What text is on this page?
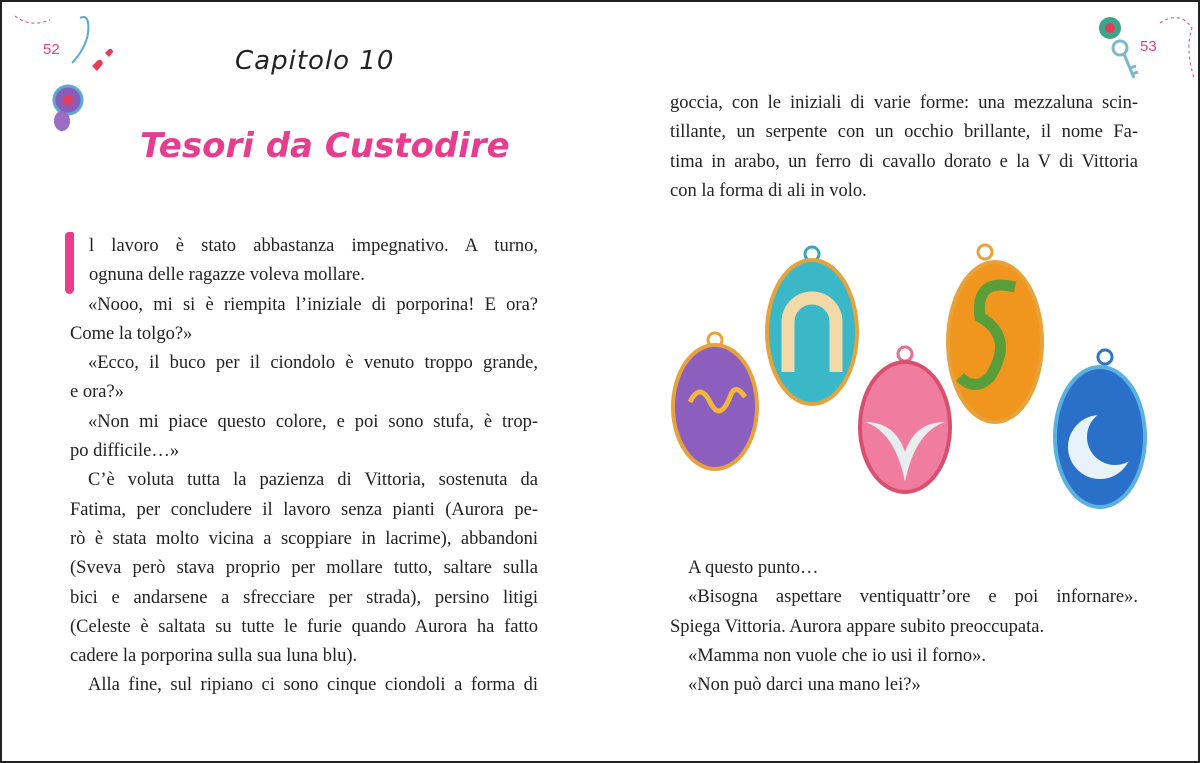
52	53
Capitolo 10
Tesori da Custodire
l lavoro è stato abbastanza impegnativo. A turno,
ognuna delle ragazze voleva mollare.
«Nooo, mi si è riempita l’iniziale di porporina! E ora?
Come la tolgo?»
«Ecco, il buco per il ciondolo è venuto troppo grande,
e ora?»
«Non mi piace questo colore, e poi sono stufa, è trop-
po difficile…»
C’è voluta tutta la pazienza di Vittoria, sostenuta da
Fatima, per concludere il lavoro senza pianti (Aurora pe-
rò è stata molto vicina a scoppiare in lacrime), abbandoni
(Sveva però stava proprio per mollare tutto, saltare sulla
bici e andarsene a sfrecciare per strada), persino litigi
(Celeste è saltata su tutte le furie quando Aurora ha fatto
cadere la porporina sulla sua luna blu).
Alla fine, sul ripiano ci sono cinque ciondoli a forma di
goccia, con le iniziali di varie forme: una mezzaluna scin-
tillante, un serpente con un occhio brillante, il nome Fa-
tima in arabo, un ferro di cavallo dorato e la V di Vittoria
con la forma di ali in volo.
A questo punto…
«Bisogna aspettare ventiquattr’ore e poi infornare».
Spiega Vittoria. Aurora appare subito preoccupata.
«Mamma non vuole che io usi il forno».
«Non può darci una mano lei?»
